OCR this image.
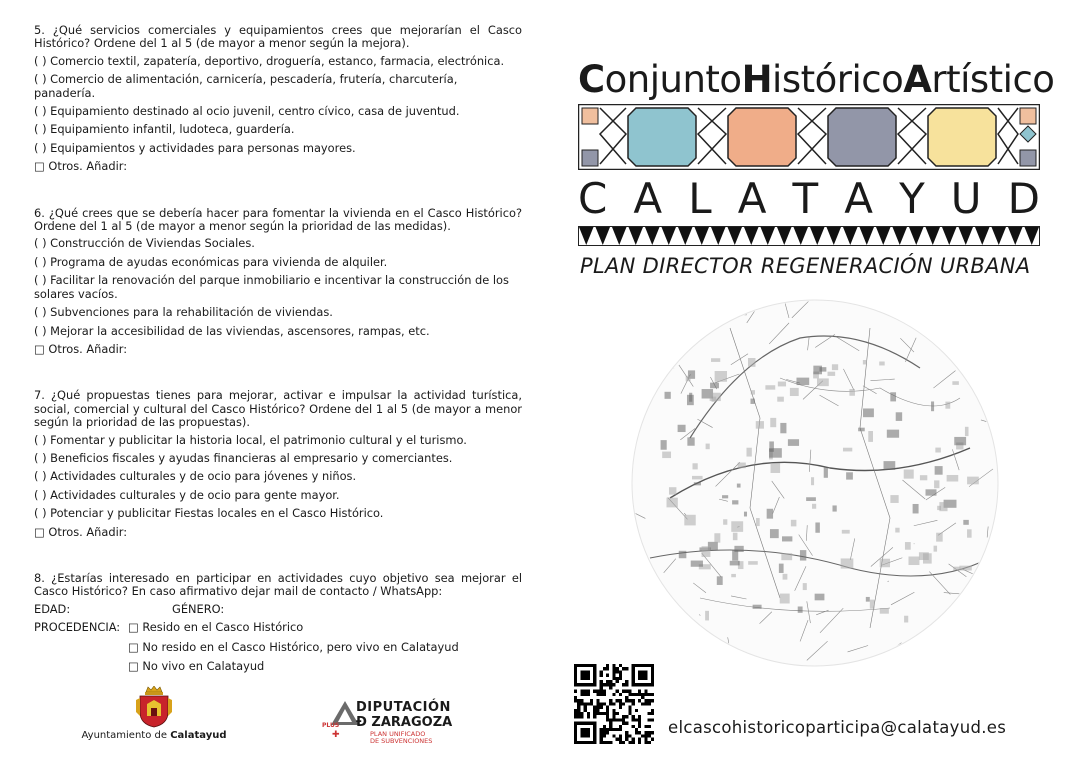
5. ¿Qué servicios comerciales y equipamientos crees que mejorarían el Casco Histórico? Ordene del 1 al 5 (de mayor a menor según la mejora).
( ) Comercio textil, zapatería, deportivo, droguería, estanco, farmacia, electrónica.
( ) Comercio de alimentación, carnicería, pescadería, frutería, charcutería, panadería.
( ) Equipamiento destinado al ocio juvenil, centro cívico, casa de juventud.
( ) Equipamiento infantil, ludoteca, guardería.
( ) Equipamientos y actividades para personas mayores.
□ Otros. Añadir:
6. ¿Qué crees que se debería hacer para fomentar la vivienda en el Casco Histórico? Ordene del 1 al 5 (de mayor a menor según la prioridad de las medidas).
( ) Construcción de Viviendas Sociales.
( ) Programa de ayudas económicas para vivienda de alquiler.
( ) Facilitar la renovación del parque inmobiliario e incentivar la construcción de los solares vacíos.
( ) Subvenciones para la rehabilitación de viviendas.
( ) Mejorar la accesibilidad de las viviendas, ascensores, rampas, etc.
□ Otros. Añadir:
7. ¿Qué propuestas tienes para mejorar, activar e impulsar la actividad turística, social, comercial y cultural del Casco Histórico? Ordene del 1 al 5 (de mayor a menor según la prioridad de las propuestas).
( ) Fomentar y publicitar la historia local, el patrimonio cultural y el turismo.
( ) Beneficios fiscales y ayudas financieras al empresario y comerciantes.
( ) Actividades culturales y de ocio para jóvenes y niños.
( ) Actividades culturales y de ocio para gente mayor.
( ) Potenciar y publicitar Fiestas locales en el Casco Histórico.
□ Otros. Añadir:
8. ¿Estarías interesado en participar en actividades cuyo objetivo sea mejorar el Casco Histórico? En caso afirmativo dejar mail de contacto / WhatsApp:
EDAD:	GÉNERO:
PROCEDENCIA: □ Resido en el Casco Histórico
□ No resido en el Casco Histórico, pero vivo en Calatayud
□ No vivo en Calatayud
Ayuntamiento de Calatayud
PLUS
✚
DIPUTACIÓN
Ð ZARAGOZA
PLAN UNIFICADO
DE SUBVENCIONES
ConjuntoHistóricoArtístico
C A L A T A Y U D
PLAN DIRECTOR REGENERACIÓN URBANA
elcascohistoricoparticipa@calatayud.es
